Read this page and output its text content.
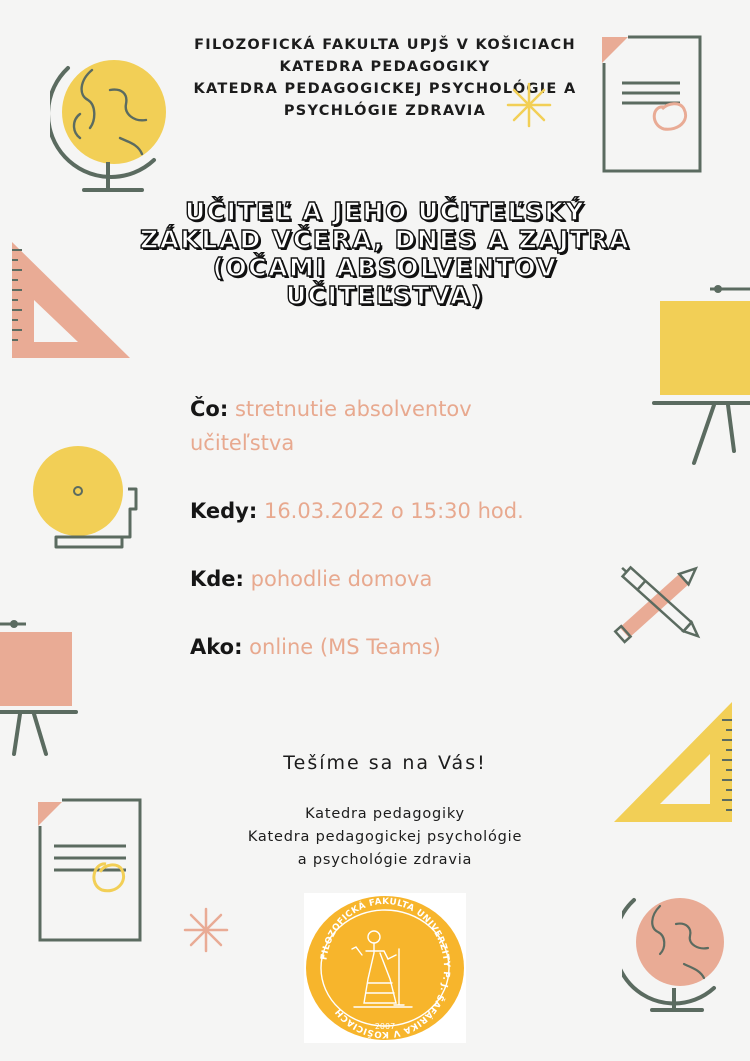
FILOZOFICKÁ FAKULTA UPJŠ V KOŠICIACH
KATEDRA PEDAGOGIKY
KATEDRA PEDAGOGICKEJ PSYCHOLÓGIE A
PSYCHLÓGIE ZDRAVIA
UČITEĽ A JEHO UČITEĽSKÝ
ZÁKLAD VČERA, DNES A ZAJTRA
(OČAMI ABSOLVENTOV
UČITEĽSTVA)
Čo: stretnutie absolventov
učiteľstva
Kedy: 16.03.2022 o 15:30 hod.
Kde: pohodlie domova
Ako: online (MS Teams)
Tešíme sa na Vás!
Katedra pedagogiky
Katedra pedagogickej psychológie
a psychológie zdravia
FILOZOFICKÁ FAKULTA UNIVERZITY P. J. ŠAFÁRIKA V KOŠICIACH
2007
